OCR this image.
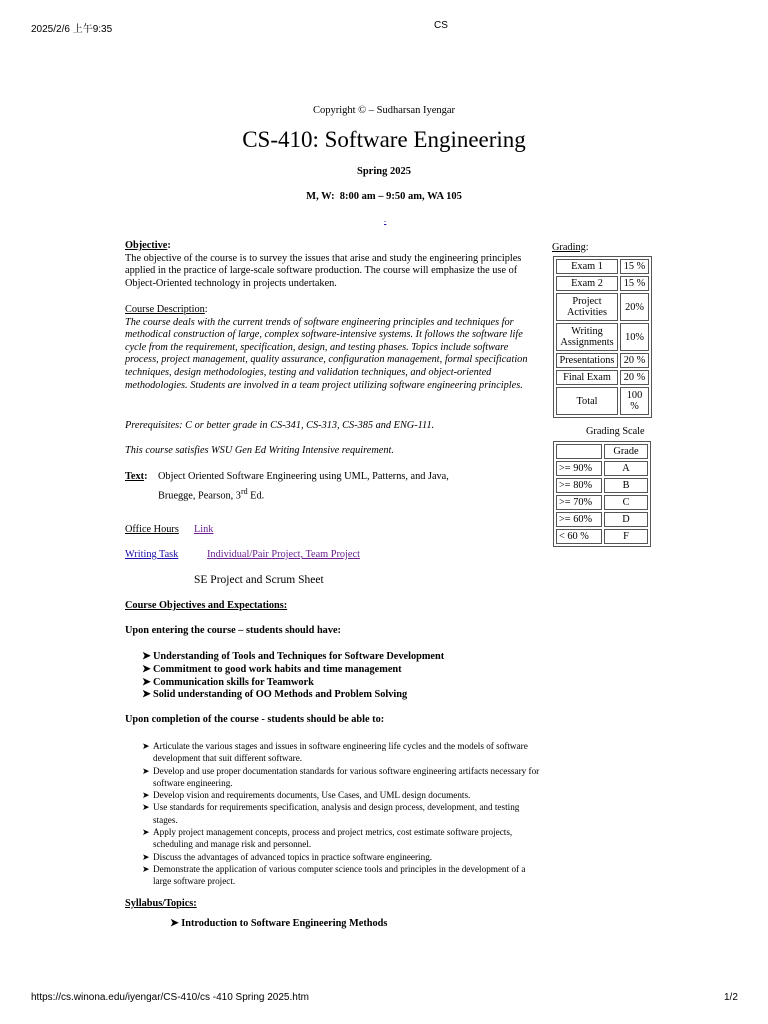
2025/2/6 上午9:35	CS
https://cs.winona.edu/iyengar/CS-410/cs -410 Spring 2025.htm	1/2
Copyright © – Sudharsan Iyengar
CS-410: Software Engineering
Spring 2025
M, W:  8:00 am – 9:50 am, WA 105
-

Objective:

The objective of the course is to survey the issues that arise and study the engineering principles applied in the practice of large-scale software production. The course will emphasize the use of Object-Oriented technology in projects undertaken.

Course Description:

The course deals with the current trends of software engineering principles and techniques for methodical construction of large, complex software-intensive systems. It follows the software life cycle from the requirement, specification, design, and testing phases. Topics include software process, project management, quality assurance, configuration management, formal specification techniques, design methodologies, testing and validation techniques, and object-oriented methodologies. Students are involved in a team project utilizing software engineering principles.

Prerequisites: C or better grade in CS-341, CS-313, CS-385 and ENG-111.
This course satisfies WSU Gen Ed Writing Intensive requirement.
Text: Object Oriented Software Engineering using UML, Patterns, and Java,
Bruegge, Pearson, 3rd Ed.
Office Hours Link
Writing Task	Individual/Pair Project, Team Project
SE Project and Scrum Sheet
Course Objectives and Expectations:
Upon entering the course – students should have:
➤ Understanding of Tools and Techniques for Software Development
➤ Commitment to good work habits and time management
➤ Communication skills for Teamwork
➤ Solid understanding of OO Methods and Problem Solving
Upon completion of the course - students should be able to:
➤ Articulate the various stages and issues in software engineering life cycles and the models of software development that suit different software.
➤ Develop and use proper documentation standards for various software engineering artifacts necessary for software engineering.
➤ Develop vision and requirements documents, Use Cases, and UML design documents.
➤ Use standards for requirements specification, analysis and design process, development, and testing stages.
➤ Apply project management concepts, process and project metrics, cost estimate software projects, scheduling and manage risk and personnel.
➤ Discuss the advantages of advanced topics in practice software engineering.
➤ Demonstrate the application of various computer science tools and principles in the development of a large software project.
Syllabus/Topics:
➤ Introduction to Software Engineering Methods
Grading:
Exam 1	15 %
Exam 2	15 %
Project Activities	20%
Writing Assignments	10%
Presentations	20 %
Final Exam	20 %
Total	100 %
Grading Scale
	Grade
>= 90%	A
>= 80%	B
>= 70%	C
>= 60%	D
< 60 %	F
